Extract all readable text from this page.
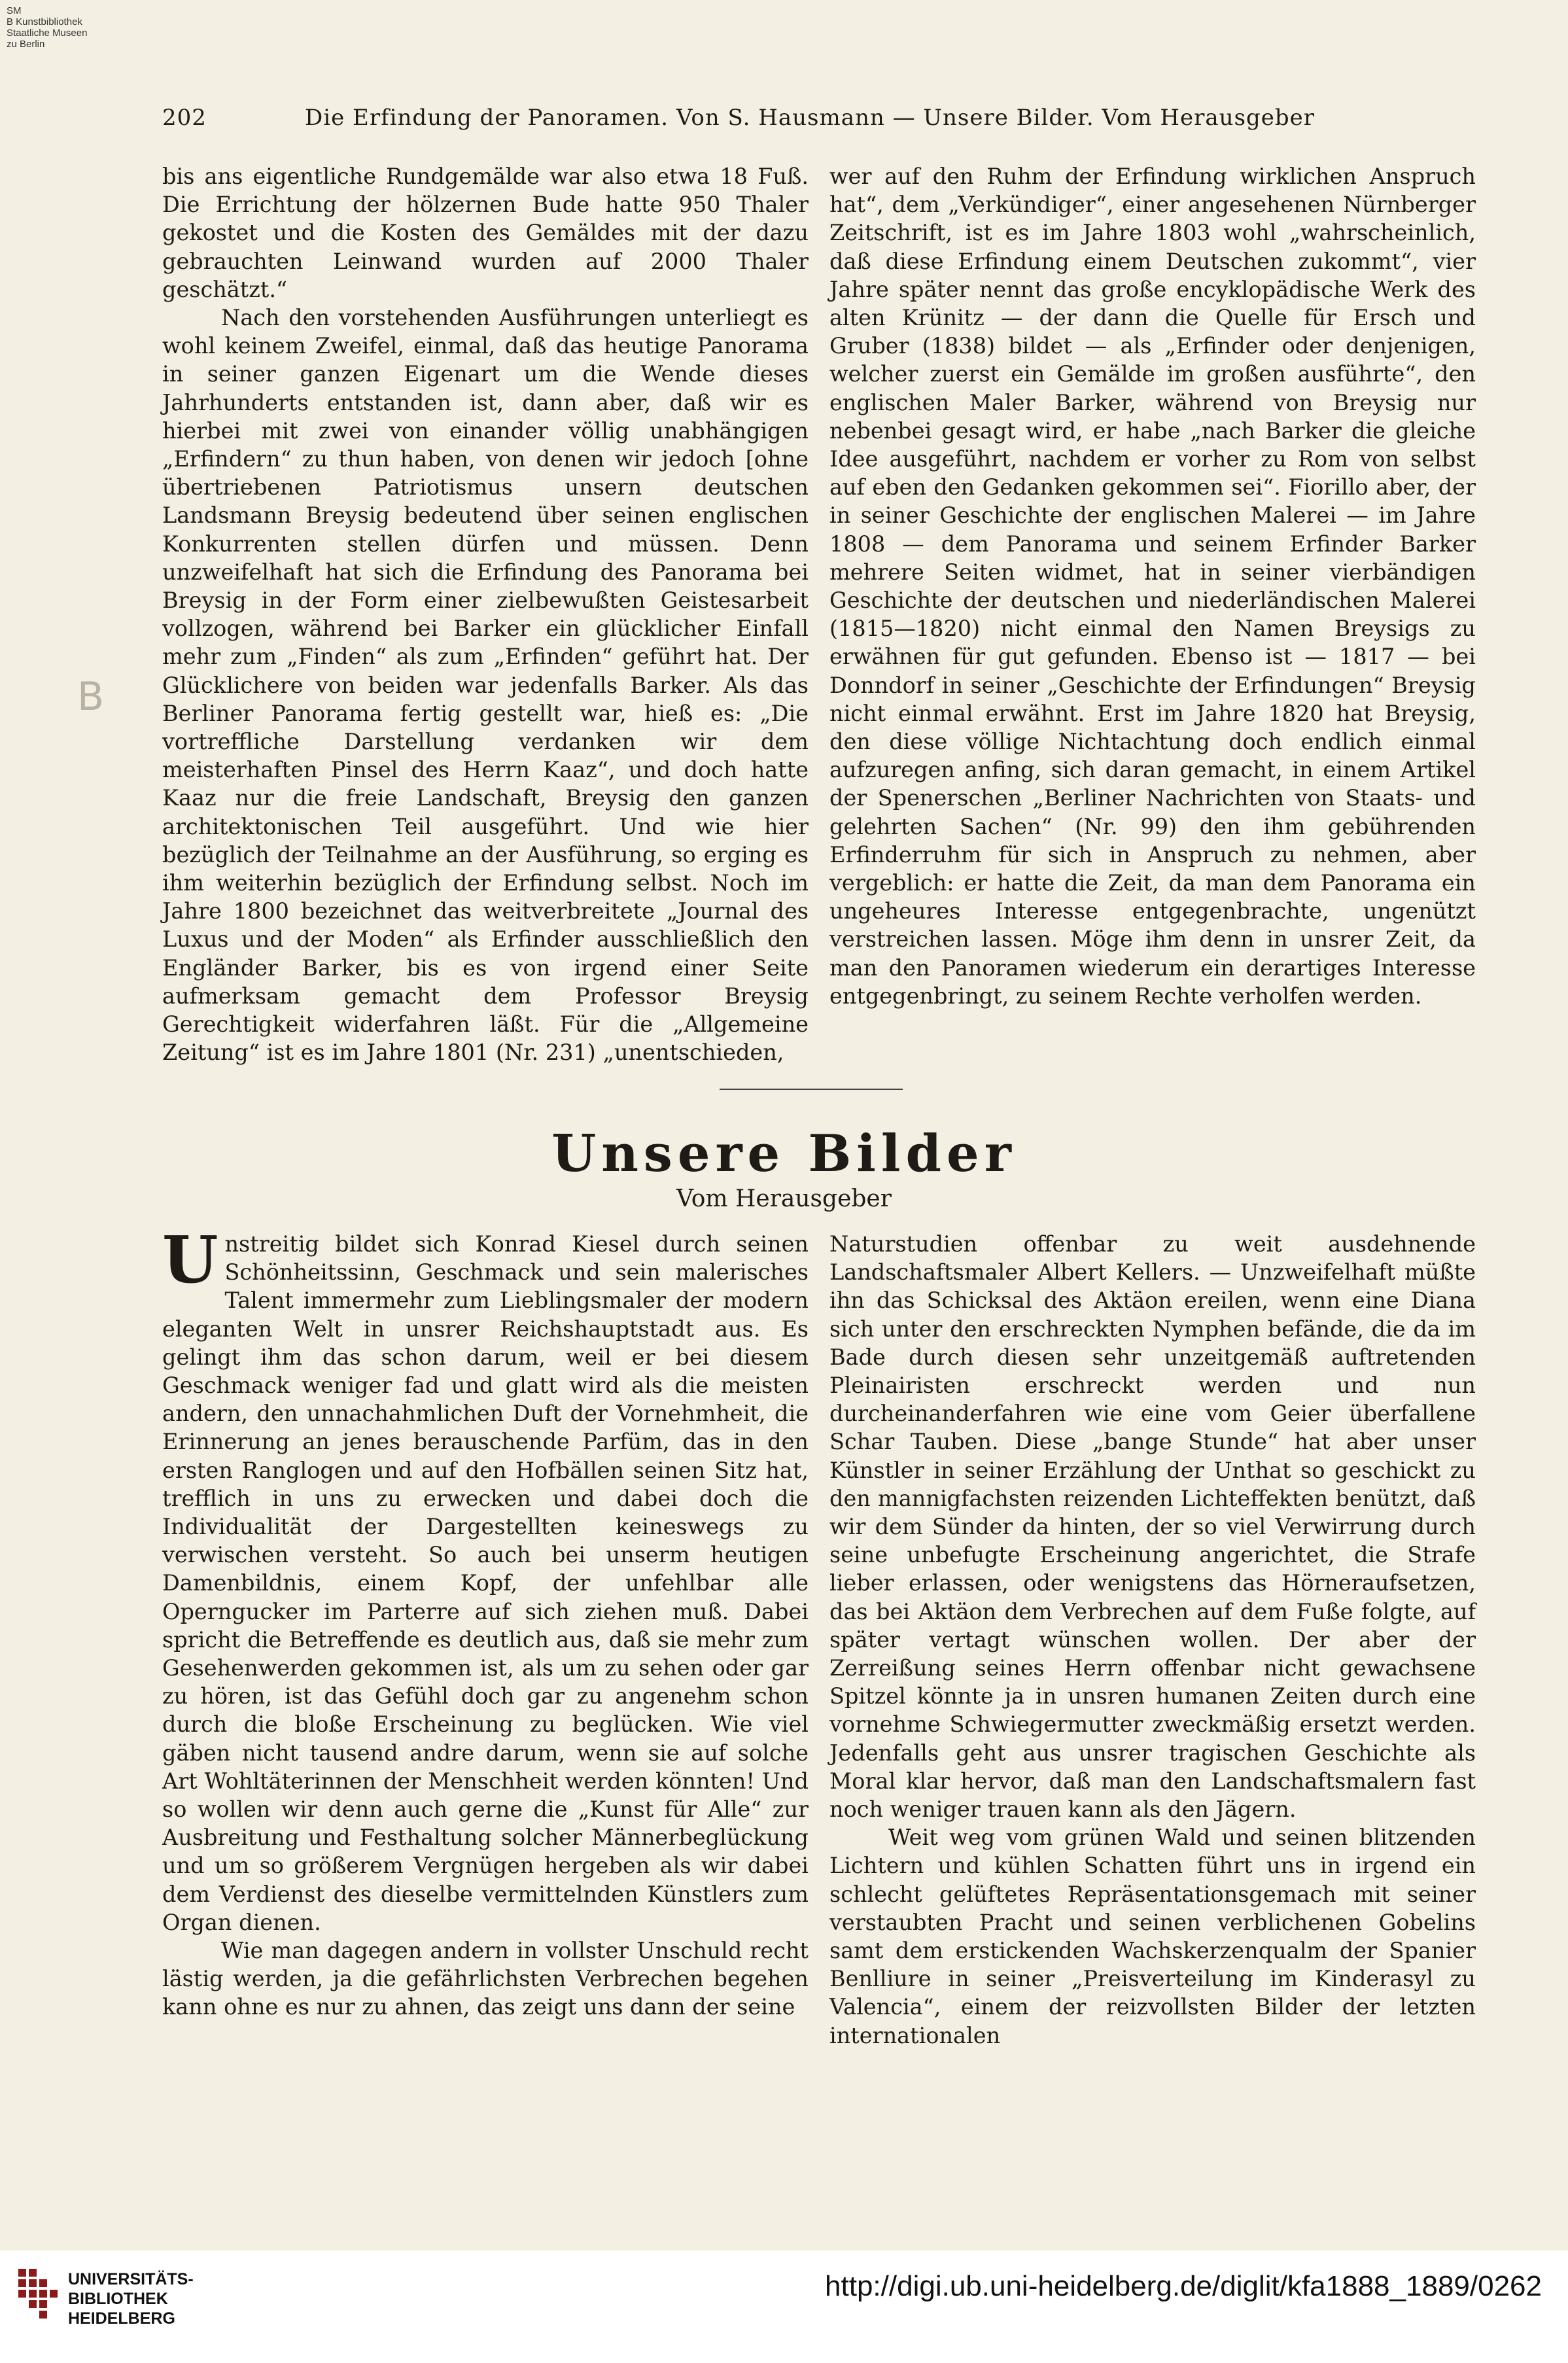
SM
B Kunstbibliothek
Staatliche Museen
zu Berlin
202	Die Erfindung der Panoramen. Von S. Hausmann — Unsere Bilder. Vom Herausgeber
B

bis ans eigentliche Rundgemälde war also etwa 18 Fuß. Die Errichtung der hölzernen Bude hatte 950 Thaler gekostet und die Kosten des Gemäldes mit der dazu gebrauchten Leinwand wurden auf 2000 Thaler geschätzt.“

Nach den vorstehenden Ausführungen unterliegt es wohl keinem Zweifel, einmal, daß das heutige Panorama in seiner ganzen Eigenart um die Wende dieses Jahrhunderts entstanden ist, dann aber, daß wir es hierbei mit zwei von einander völlig unabhängigen „Erfindern“ zu thun haben, von denen wir jedoch [ohne übertriebenen Patriotismus unsern deutschen Landsmann Breysig bedeutend über seinen englischen Konkurrenten stellen dürfen und müssen. Denn unzweifelhaft hat sich die Erfindung des Panorama bei Breysig in der Form einer zielbewußten Geistesarbeit vollzogen, während bei Barker ein glücklicher Einfall mehr zum „Finden“ als zum „Erfinden“ geführt hat. Der Glücklichere von beiden war jedenfalls Barker. Als das Berliner Panorama fertig gestellt war, hieß es: „Die vortreffliche Darstellung verdanken wir dem meisterhaften Pinsel des Herrn Kaaz“, und doch hatte Kaaz nur die freie Landschaft, Breysig den ganzen architektonischen Teil ausgeführt. Und wie hier bezüglich der Teilnahme an der Ausführung, so erging es ihm weiterhin bezüglich der Erfindung selbst. Noch im Jahre 1800 bezeichnet das weitverbreitete „Journal des Luxus und der Moden“ als Erfinder ausschließlich den Engländer Barker, bis es von irgend einer Seite aufmerksam gemacht dem Professor Breysig Gerechtigkeit widerfahren läßt. Für die „Allgemeine Zeitung“ ist es im Jahre 1801 (Nr. 231) „unentschieden,

wer auf den Ruhm der Erfindung wirklichen Anspruch hat“, dem „Verkündiger“, einer angesehenen Nürnberger Zeitschrift, ist es im Jahre 1803 wohl „wahrscheinlich, daß diese Erfindung einem Deutschen zukommt“, vier Jahre später nennt das große encyklopädische Werk des alten Krünitz — der dann die Quelle für Ersch und Gruber (1838) bildet — als „Erfinder oder denjenigen, welcher zuerst ein Gemälde im großen ausführte“, den englischen Maler Barker, während von Breysig nur nebenbei gesagt wird, er habe „nach Barker die gleiche Idee ausgeführt, nachdem er vorher zu Rom von selbst auf eben den Gedanken gekommen sei“. Fiorillo aber, der in seiner Geschichte der englischen Malerei — im Jahre 1808 — dem Panorama und seinem Erfinder Barker mehrere Seiten widmet, hat in seiner vierbändigen Geschichte der deutschen und niederländischen Malerei (1815—1820) nicht einmal den Namen Breysigs zu erwähnen für gut gefunden. Ebenso ist — 1817 — bei Donndorf in seiner „Geschichte der Erfindungen“ Breysig nicht einmal erwähnt. Erst im Jahre 1820 hat Breysig, den diese völlige Nichtachtung doch endlich einmal aufzuregen anfing, sich daran gemacht, in einem Artikel der Spenerschen „Berliner Nachrichten von Staats- und gelehrten Sachen“ (Nr. 99) den ihm gebührenden Erfinderruhm für sich in Anspruch zu nehmen, aber vergeblich: er hatte die Zeit, da man dem Panorama ein ungeheures Interesse entgegenbrachte, ungenützt verstreichen lassen. Möge ihm denn in unsrer Zeit, da man den Panoramen wiederum ein derartiges Interesse entgegenbringt, zu seinem Rechte verholfen werden.

Unsere Bilder
Vom Herausgeber

Unstreitig bildet sich Konrad Kiesel durch seinen Schönheitssinn, Geschmack und sein malerisches Talent immermehr zum Lieblingsmaler der modern eleganten Welt in unsrer Reichshauptstadt aus. Es gelingt ihm das schon darum, weil er bei diesem Geschmack weniger fad und glatt wird als die meisten andern, den unnachahmlichen Duft der Vornehmheit, die Erinnerung an jenes berauschende Parfüm, das in den ersten Ranglogen und auf den Hofbällen seinen Sitz hat, trefflich in uns zu erwecken und dabei doch die Individualität der Dargestellten keineswegs zu verwischen versteht. So auch bei unserm heutigen Damenbildnis, einem Kopf, der unfehlbar alle Operngucker im Parterre auf sich ziehen muß. Dabei spricht die Betreffende es deutlich aus, daß sie mehr zum Gesehenwerden gekommen ist, als um zu sehen oder gar zu hören, ist das Gefühl doch gar zu angenehm schon durch die bloße Erscheinung zu beglücken. Wie viel gäben nicht tausend andre darum, wenn sie auf solche Art Wohltäterinnen der Menschheit werden könnten! Und so wollen wir denn auch gerne die „Kunst für Alle“ zur Ausbreitung und Festhaltung solcher Männerbeglückung und um so größerem Vergnügen hergeben als wir dabei dem Verdienst des dieselbe vermittelnden Künstlers zum Organ dienen.

Wie man dagegen andern in vollster Unschuld recht lästig werden, ja die gefährlichsten Verbrechen begehen kann ohne es nur zu ahnen, das zeigt uns dann der seine

Naturstudien offenbar zu weit ausdehnende Landschaftsmaler Albert Kellers. — Unzweifelhaft müßte ihn das Schicksal des Aktäon ereilen, wenn eine Diana sich unter den erschreckten Nymphen befände, die da im Bade durch diesen sehr unzeitgemäß auftretenden Pleinairisten erschreckt werden und nun durcheinanderfahren wie eine vom Geier überfallene Schar Tauben. Diese „bange Stunde“ hat aber unser Künstler in seiner Erzählung der Unthat so geschickt zu den mannigfachsten reizenden Lichteffekten benützt, daß wir dem Sünder da hinten, der so viel Verwirrung durch seine unbefugte Erscheinung angerichtet, die Strafe lieber erlassen, oder wenigstens das Hörneraufsetzen, das bei Aktäon dem Verbrechen auf dem Fuße folgte, auf später vertagt wünschen wollen. Der aber der Zerreißung seines Herrn offenbar nicht gewachsene Spitzel könnte ja in unsren humanen Zeiten durch eine vornehme Schwiegermutter zweckmäßig ersetzt werden. Jedenfalls geht aus unsrer tragischen Geschichte als Moral klar hervor, daß man den Landschaftsmalern fast noch weniger trauen kann als den Jägern.

Weit weg vom grünen Wald und seinen blitzenden Lichtern und kühlen Schatten führt uns in irgend ein schlecht gelüftetes Repräsentationsgemach mit seiner verstaubten Pracht und seinen verblichenen Gobelins samt dem erstickenden Wachskerzenqualm der Spanier Benlliure in seiner „Preisverteilung im Kinderasyl zu Valencia“, einem der reizvollsten Bilder der letzten internationalen

UNIVERSITÄTS-
BIBLIOTHEK
HEIDELBERG
http://digi.ub.uni-heidelberg.de/diglit/kfa1888_1889/0262
